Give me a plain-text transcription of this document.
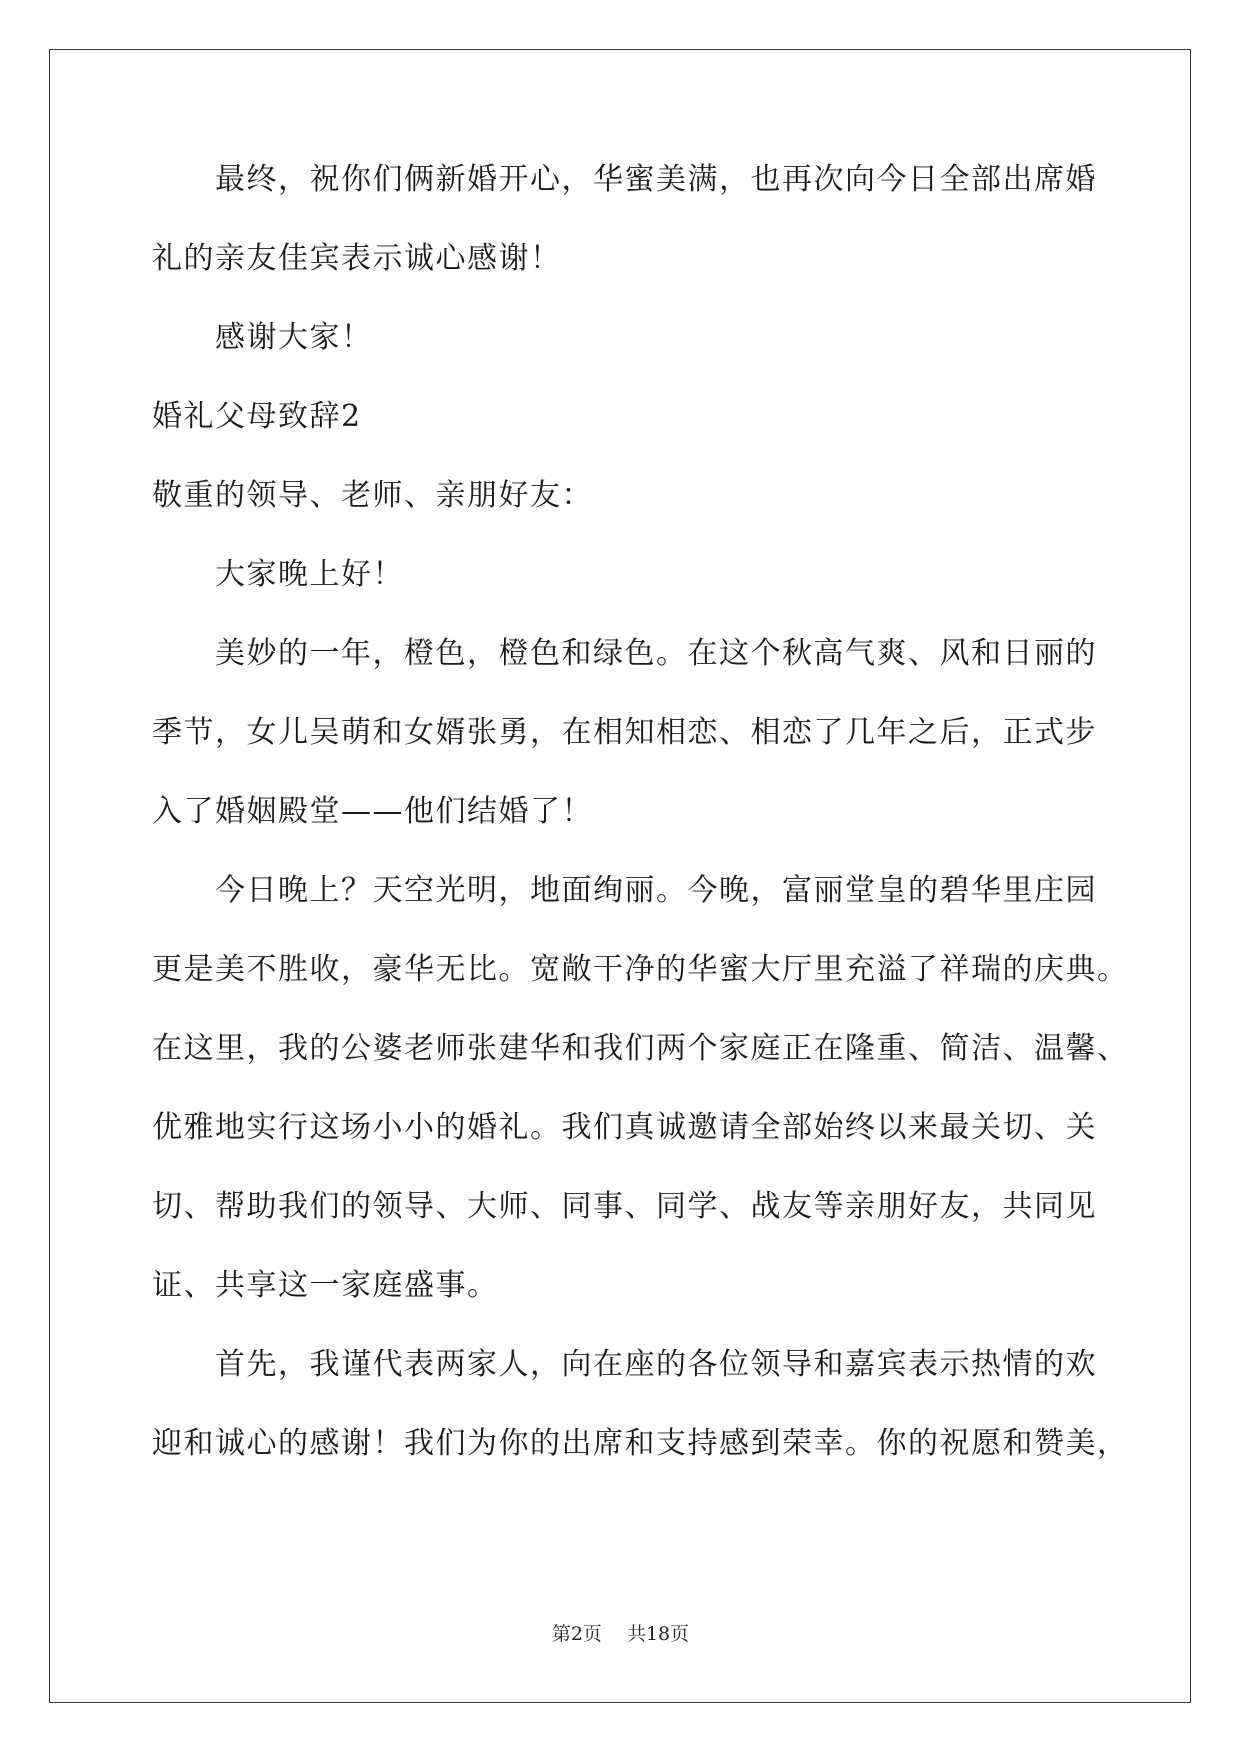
　　最终，祝你们俩新婚开心，华蜜美满，也再次向今日全部出席婚
礼的亲友佳宾表示诚心感谢！
　　感谢大家！
婚礼父母致辞2
敬重的领导、老师、亲朋好友：
　　大家晚上好！
　　美妙的一年，橙色，橙色和绿色。在这个秋高气爽、风和日丽的
季节，女儿吴萌和女婿张勇，在相知相恋、相恋了几年之后，正式步
入了婚姻殿堂——他们结婚了！
　　今日晚上？天空光明，地面绚丽。今晚，富丽堂皇的碧华里庄园
更是美不胜收，豪华无比。宽敞干净的华蜜大厅里充溢了祥瑞的庆典。
在这里，我的公婆老师张建华和我们两个家庭正在隆重、简洁、温馨、
优雅地实行这场小小的婚礼。我们真诚邀请全部始终以来最关切、关
切、帮助我们的领导、大师、同事、同学、战友等亲朋好友，共同见
证、共享这一家庭盛事。
　　首先，我谨代表两家人，向在座的各位领导和嘉宾表示热情的欢
迎和诚心的感谢！我们为你的出席和支持感到荣幸。你的祝愿和赞美，
第2页　 共18页
